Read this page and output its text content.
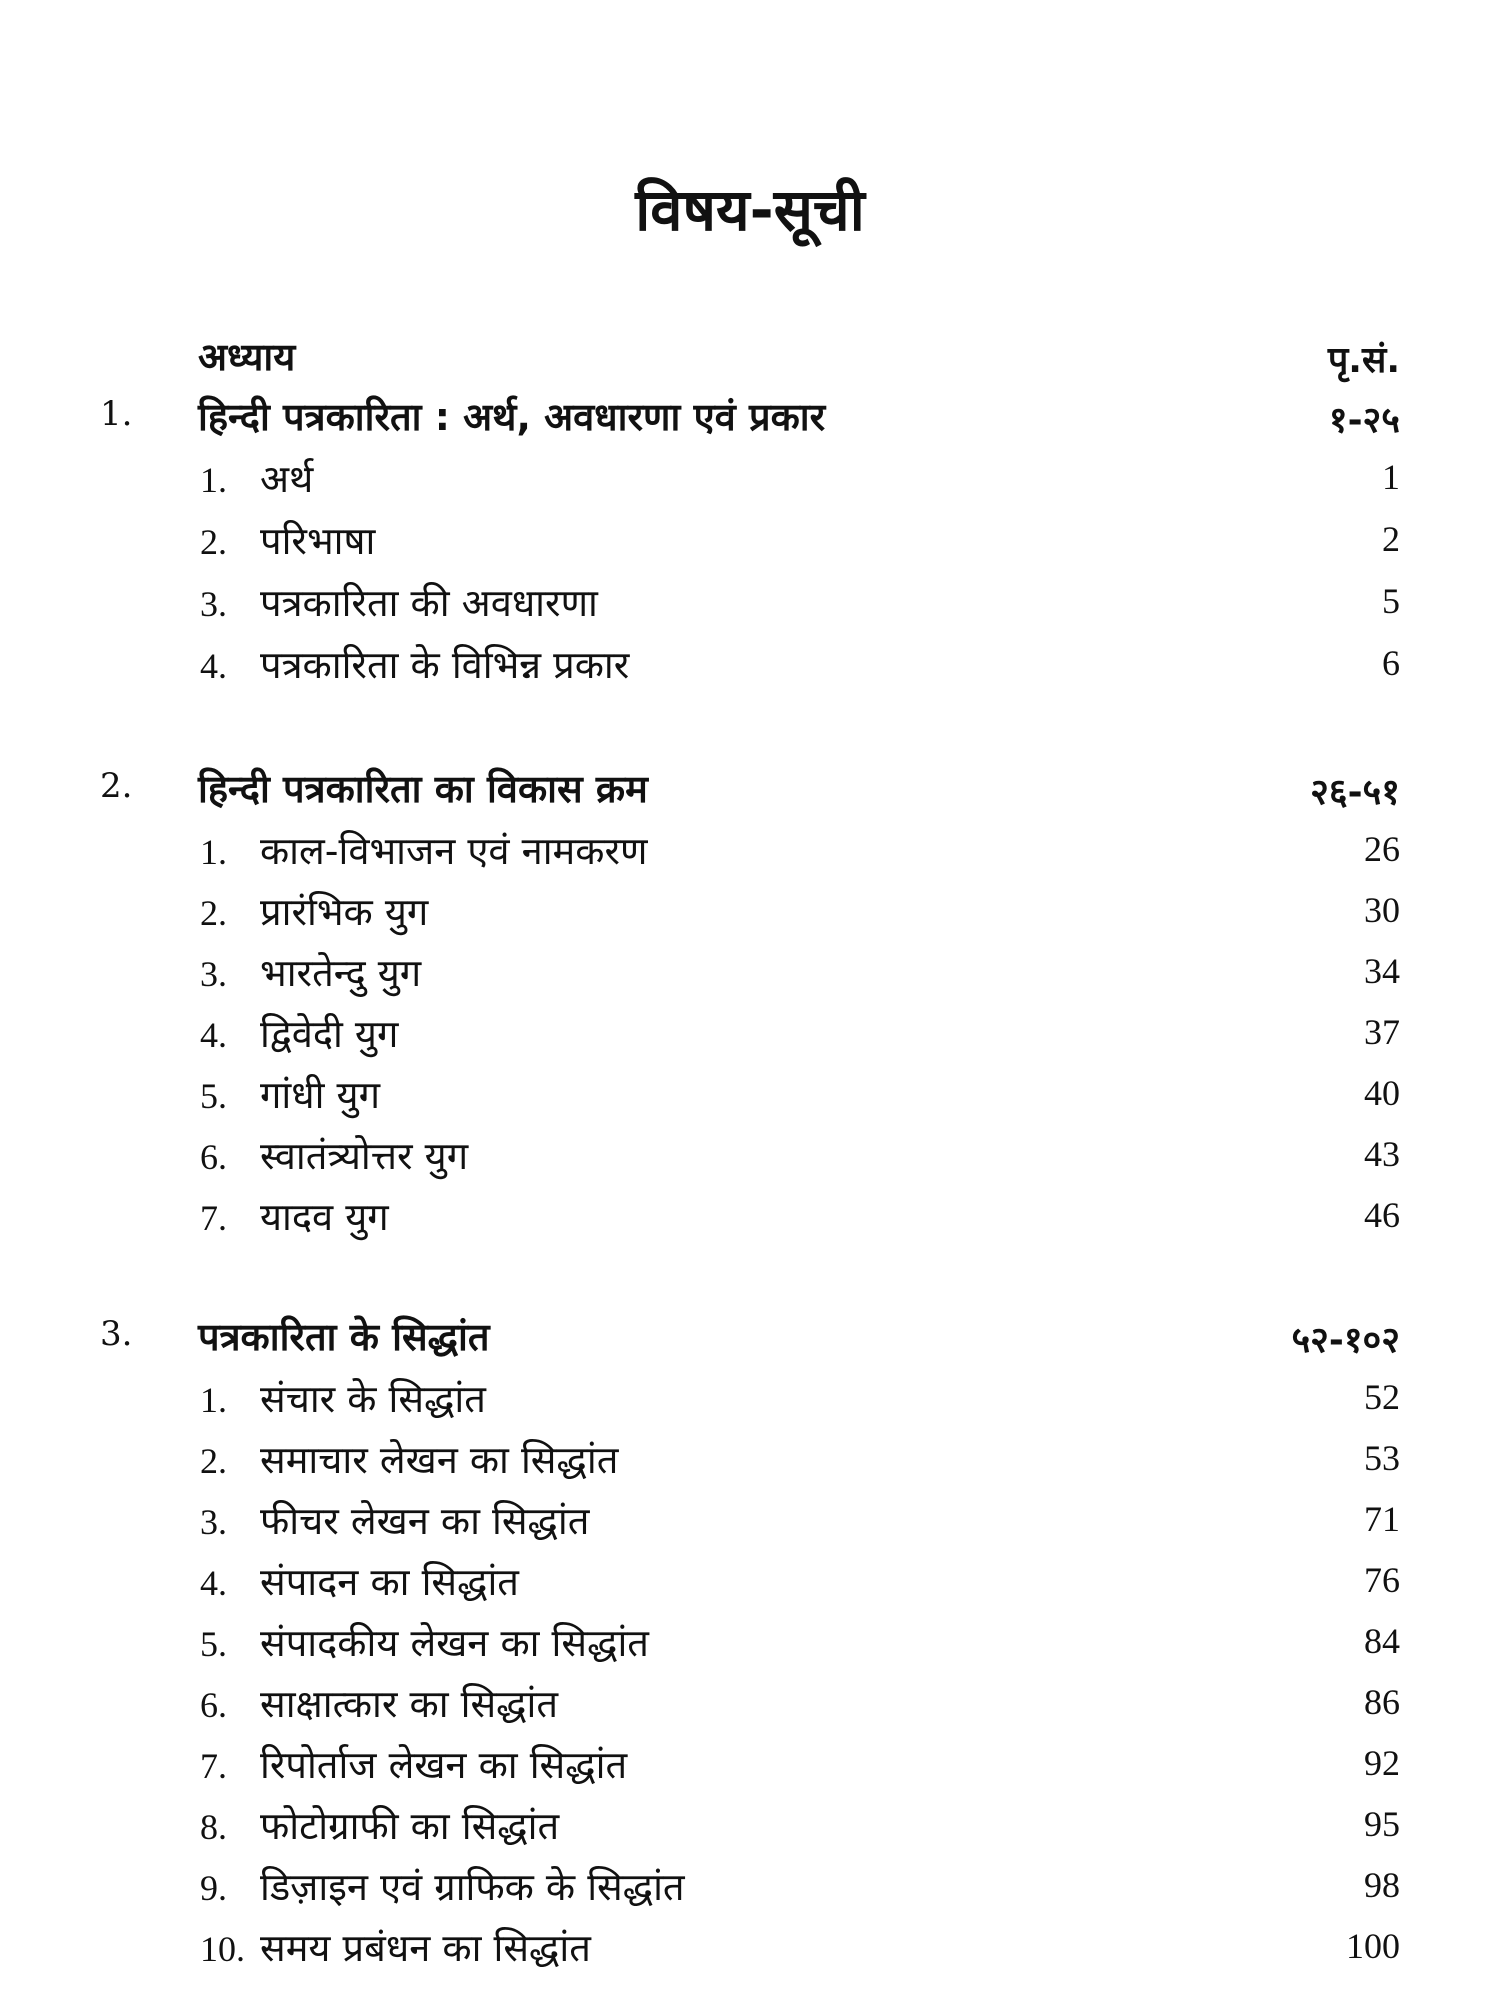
विषय-सूची
अध्याय	पृ.सं.
1. हिन्दी पत्रकारिता : अर्थ, अवधारणा एवं प्रकार	१-२५
1. अर्थ	1
2. परिभाषा	2
3. पत्रकारिता की अवधारणा	5
4. पत्रकारिता के विभिन्न प्रकार	6
2. हिन्दी पत्रकारिता का विकास क्रम	२६-५१
1. काल-विभाजन एवं नामकरण	26
2. प्रारंभिक युग	30
3. भारतेन्दु युग	34
4. द्विवेदी युग	37
5. गांधी युग	40
6. स्वातंत्र्योत्तर युग	43
7. यादव युग	46
3. पत्रकारिता के सिद्धांत	५२-१०२
1. संचार के सिद्धांत	52
2. समाचार लेखन का सिद्धांत	53
3. फीचर लेखन का सिद्धांत	71
4. संपादन का सिद्धांत	76
5. संपादकीय लेखन का सिद्धांत	84
6. साक्षात्कार का सिद्धांत	86
7. रिपोर्ताज लेखन का सिद्धांत	92
8. फोटोग्राफी का सिद्धांत	95
9. डिज़ाइन एवं ग्राफिक के सिद्धांत	98
10. समय प्रबंधन का सिद्धांत	100
